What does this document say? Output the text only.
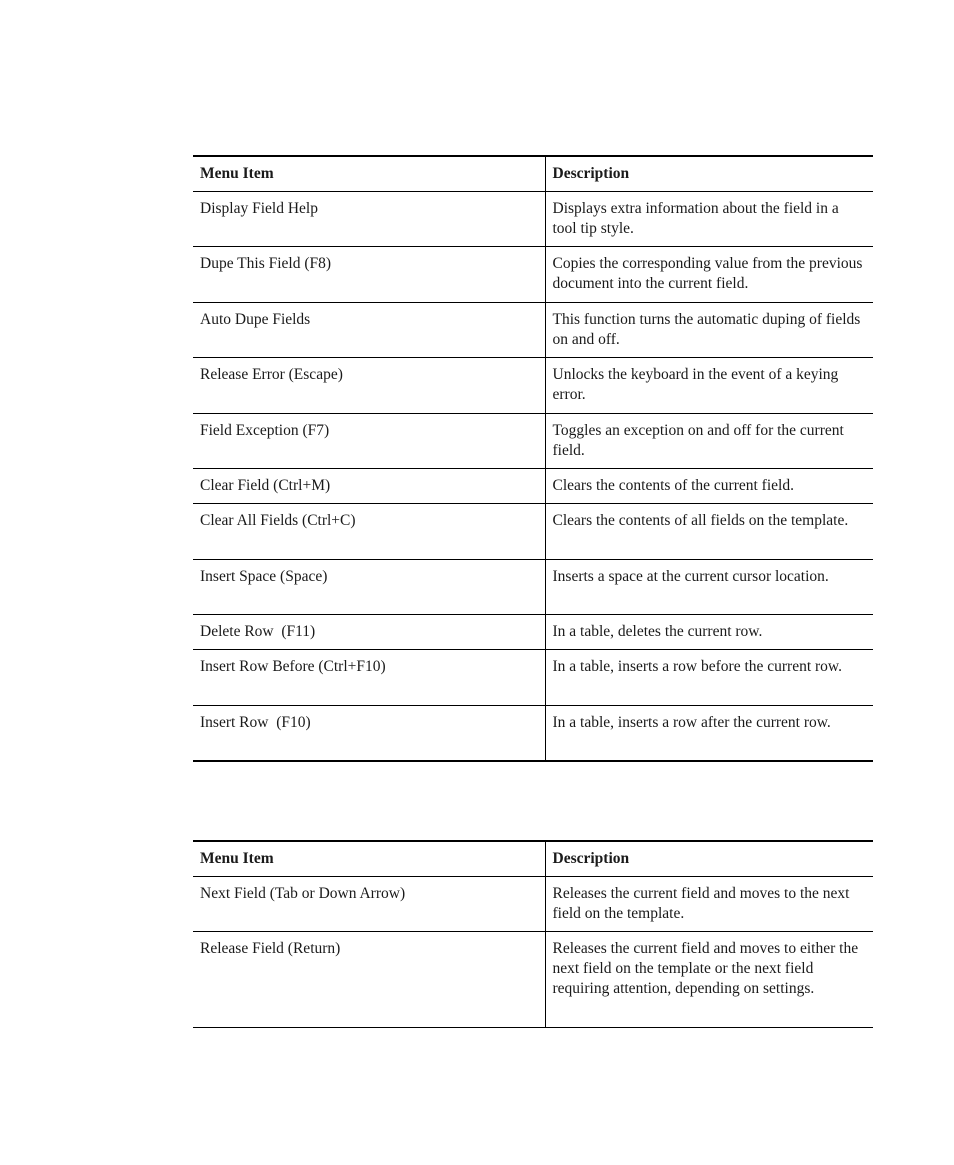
Menu Item	Description
Display Field Help	Displays extra information about the field in a tool tip style.
Dupe This Field (F8)	Copies the corresponding value from the previous document into the current field.
Auto Dupe Fields	This function turns the automatic duping of fields on and off.
Release Error (Escape)	Unlocks the keyboard in the event of a keying error.
Field Exception (F7)	Toggles an exception on and off for the current field.
Clear Field (Ctrl+M)	Clears the contents of the current field.
Clear All Fields (Ctrl+C)	Clears the contents of all fields on the template.
Insert Space (Space)	Inserts a space at the current cursor location.
Delete Row  (F11)	In a table, deletes the current row.
Insert Row Before (Ctrl+F10)	In a table, inserts a row before the current row.
Insert Row  (F10)	In a table, inserts a row after the current row.
Menu Item	Description
Next Field (Tab or Down Arrow)	Releases the current field and moves to the next field on the template.
Release Field (Return)	Releases the current field and moves to either the next field on the template or the next field requiring attention, depending on settings.
